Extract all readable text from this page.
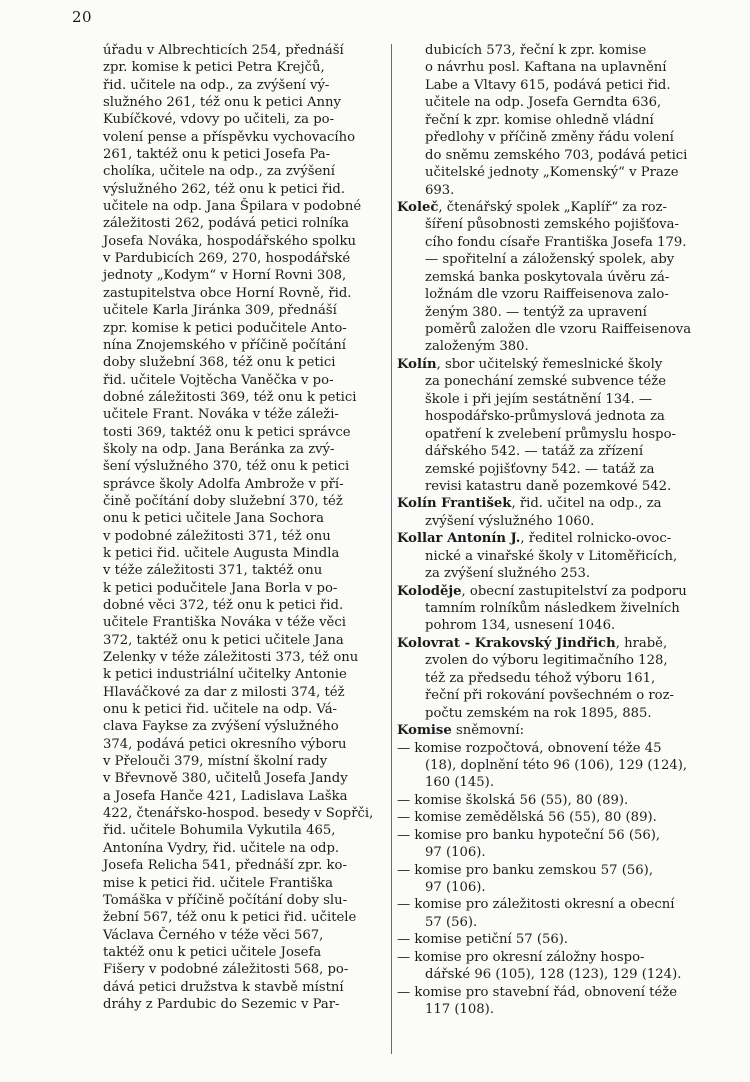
20
úřadu v Albrechticích 254, přednáší
zpr. komise k petici Petra Krejčů,
řid. učitele na odp., za zvýšení vý-
služného 261, též onu k petici Anny
Kubíčkové, vdovy po učiteli, za po-
volení pense a příspěvku vychovacího
261, taktéž onu k petici Josefa Pa-
cholíka, učitele na odp., za zvýšení
výslužného 262, též onu k petici řid.
učitele na odp. Jana Špilara v podobné
záležitosti 262, podává petici rolníka
Josefa Nováka, hospodářského spolku
v Pardubicích 269, 270, hospodářské
jednoty „Kodym“ v Horní Rovni 308,
zastupitelstva obce Horní Rovně, řid.
učitele Karla Jiránka 309, přednáší
zpr. komise k petici podučitele Anto-
nína Znojemského v příčině počítání
doby služební 368, též onu k petici
řid. učitele Vojtěcha Vaněčka v po-
dobné záležitosti 369, též onu k petici
učitele Frant. Nováka v téže záleži-
tosti 369, taktéž onu k petici správce
školy na odp. Jana Beránka za zvý-
šení výslužného 370, též onu k petici
správce školy Adolfa Ambrože v pří-
čině počítání doby služební 370, též
onu k petici učitele Jana Sochora
v podobné záležitosti 371, též onu
k petici řid. učitele Augusta Mindla
v téže záležitosti 371, taktéž onu
k petici podučitele Jana Borla v po-
dobné věci 372, též onu k petici řid.
učitele Františka Nováka v téže věci
372, taktéž onu k petici učitele Jana
Zelenky v téže záležitosti 373, též onu
k petici industriální učitelky Antonie
Hlaváčkové za dar z milosti 374, též
onu k petici řid. učitele na odp. Vá-
clava Faykse za zvýšení výslužného
374, podává petici okresního výboru
v Přelouči 379, místní školní rady
v Břevnově 380, učitelů Josefa Jandy
a Josefa Hanče 421, Ladislava Laška
422, čtenářsko-hospod. besedy v Sopřči,
řid. učitele Bohumila Vykutila 465,
Antonína Vydry, řid. učitele na odp.
Josefa Relicha 541, přednáší zpr. ko-
mise k petici řid. učitele Františka
Tomáška v příčině počítání doby slu-
žební 567, též onu k petici řid. učitele
Václava Černého v téže věci 567,
taktéž onu k petici učitele Josefa
Fišery v podobné záležitosti 568, po-
dává petici družstva k stavbě místní
dráhy z Pardubic do Sezemic v Par-
dubicích 573, řeční k zpr. komise
o návrhu posl. Kaftana na uplavnění
Labe a Vltavy 615, podává petici řid.
učitele na odp. Josefa Gerndta 636,
řeční k zpr. komise ohledně vládní
předlohy v příčině změny řádu volení
do sněmu zemského 703, podává petici
učitelské jednoty „Komenský“ v Praze
693.
Koleč, čtenářský spolek „Kaplíř“ za roz-
šíření působnosti zemského pojišťova-
cího fondu císaře Františka Josefa 179.
— spořitelní a záloženský spolek, aby
zemská banka poskytovala úvěru zá-
ložnám dle vzoru Raiffeisenova zalo-
ženým 380. — tentýž za upravení
poměrů založen dle vzoru Raiffeisenova
založeným 380.
Kolín, sbor učitelský řemeslnické školy
za ponechání zemské subvence téže
škole i při jejím sestátnění 134. —
hospodářsko-průmyslová jednota za
opatření k zvelebení průmyslu hospo-
dářského 542. — tatáž za zřízení
zemské pojišťovny 542. — tatáž za
revisi katastru daně pozemkové 542.
Kolín František, řid. učitel na odp., za
zvýšení výslužného 1060.
Kollar Antonín J., ředitel rolnicko-ovoc-
nické a vinařské školy v Litoměřicích,
za zvýšení služného 253.
Koloděje, obecní zastupitelství za podporu
tamním rolníkům následkem živelních
pohrom 134, usnesení 1046.
Kolovrat - Krakovský Jindřich, hrabě,
zvolen do výboru legitimačního 128,
též za předsedu téhož výboru 161,
řeční při rokování povšechném o roz-
počtu zemském na rok 1895, 885.
Komise sněmovní:
— komise rozpočtová, obnovení téže 45
(18), doplnění této 96 (106), 129 (124),
160 (145).
— komise školská 56 (55), 80 (89).
— komise zemědělská 56 (55), 80 (89).
— komise pro banku hypoteční 56 (56),
97 (106).
— komise pro banku zemskou 57 (56),
97 (106).
— komise pro záležitosti okresní a obecní
57 (56).
— komise petiční 57 (56).
— komise pro okresní záložny hospo-
dářské 96 (105), 128 (123), 129 (124).
— komise pro stavební řád, obnovení téže
117 (108).
